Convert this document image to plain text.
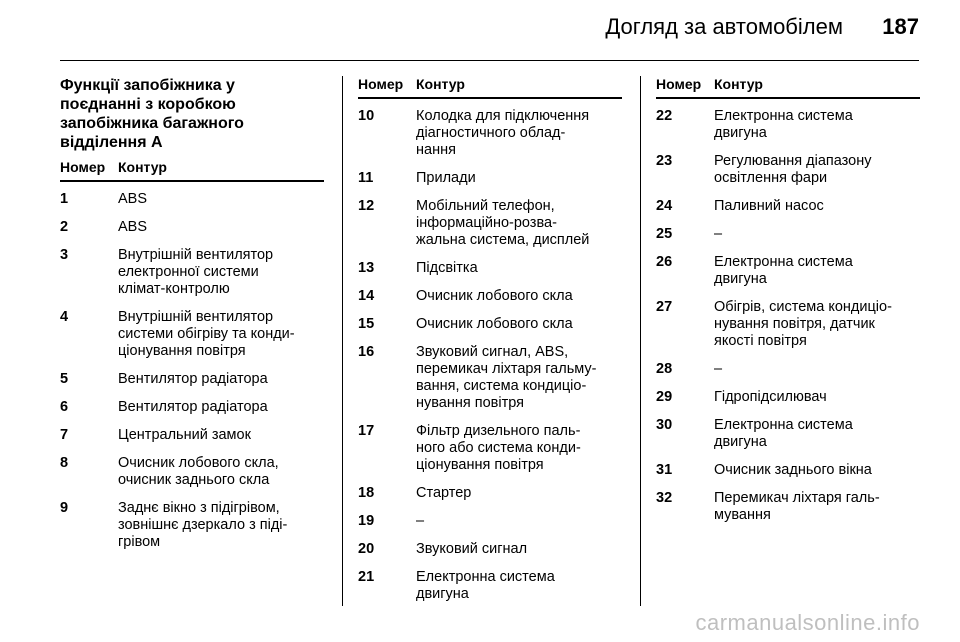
Догляд за автомобілем 187
Функції запобіжника у
поєднанні з коробкою
запобіжника багажного
відділення А
Номер Контур
1	ABS
2	ABS
3	Внутрішній вентилятор
електронної системи
клімат-контролю
4	Внутрішній вентилятор
системи обігріву та конди-
ціонування повітря
5	Вентилятор радіатора
6	Вентилятор радіатора
7	Центральний замок
8	Очисник лобового скла,
очисник заднього скла
9	Заднє вікно з підігрівом,
зовнішнє дзеркало з піді-
грівом
Номер Контур
10	Колодка для підключення
діагностичного облад-
нання
11	Прилади
12	Мобільний телефон,
інформаційно-розва-
жальна система, дисплей
13	Підсвітка
14	Очисник лобового скла
15	Очисник лобового скла
16	Звуковий сигнал, ABS,
перемикач ліхтаря гальму-
вання, система кондиціо-
нування повітря
17	Фільтр дизельного паль-
ного або система конди-
ціонування повітря
18	Стартер
19	–
20	Звуковий сигнал
21	Електронна система
двигуна
Номер Контур
22	Електронна система
двигуна
23	Регулювання діапазону
освітлення фари
24	Паливний насос
25	–
26	Електронна система
двигуна
27	Обігрів, система кондиціо-
нування повітря, датчик
якості повітря
28	–
29	Гідропідсилювач
30	Електронна система
двигуна
31	Очисник заднього вікна
32	Перемикач ліхтаря галь-
мування
carmanualsonline.info
